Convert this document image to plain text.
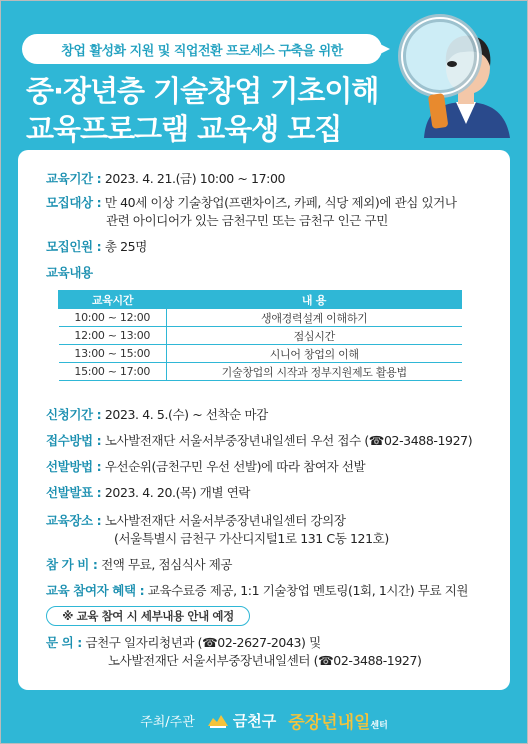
창업 활성화 지원 및 직업전환 프로세스 구축을 위한
중·장년층 기술창업 기초이해
교육프로그램 교육생 모집
교육기간 : 2023. 4. 21.(금) 10:00 ~ 17:00
모집대상 : 만 40세 이상 기술창업(프랜차이즈, 카페, 식당 제외)에 관심 있거나
관련 아이디어가 있는 금천구민 또는 금천구 인근 구민
모집인원 : 총 25명
교육내용
교육시간	내 용
10:00 ~ 12:00	생애경력설계 이해하기
12:00 ~ 13:00	점심시간
13:00 ~ 15:00	시니어 창업의 이해
15:00 ~ 17:00	기술창업의 시작과 정부지원제도 활용법
신청기간 : 2023. 4. 5.(수) ~ 선착순 마감
접수방법 : 노사발전재단 서울서부중장년내일센터 우선 접수 (☎02-3488-1927)
선발방법 : 우선순위(금천구민 우선 선발)에 따라 참여자 선발
선발발표 : 2023. 4. 20.(목) 개별 연락
교육장소 : 노사발전재단 서울서부중장년내일센터 강의장
(서울특별시 금천구 가산디지털1로 131 C동 121호)
참 가 비 : 전액 무료, 점심식사 제공
교육 참여자 혜택 : 교육수료증 제공, 1:1 기술창업 멘토링(1회, 1시간) 무료 지원
※ 교육 참여 시 세부내용 안내 예정
문 의 : 금천구 일자리청년과 (☎02-2627-2043) 및
노사발전재단 서울서부중장년내일센터 (☎02-3488-1927)
주최/주관	금천구 중장년내일센터
